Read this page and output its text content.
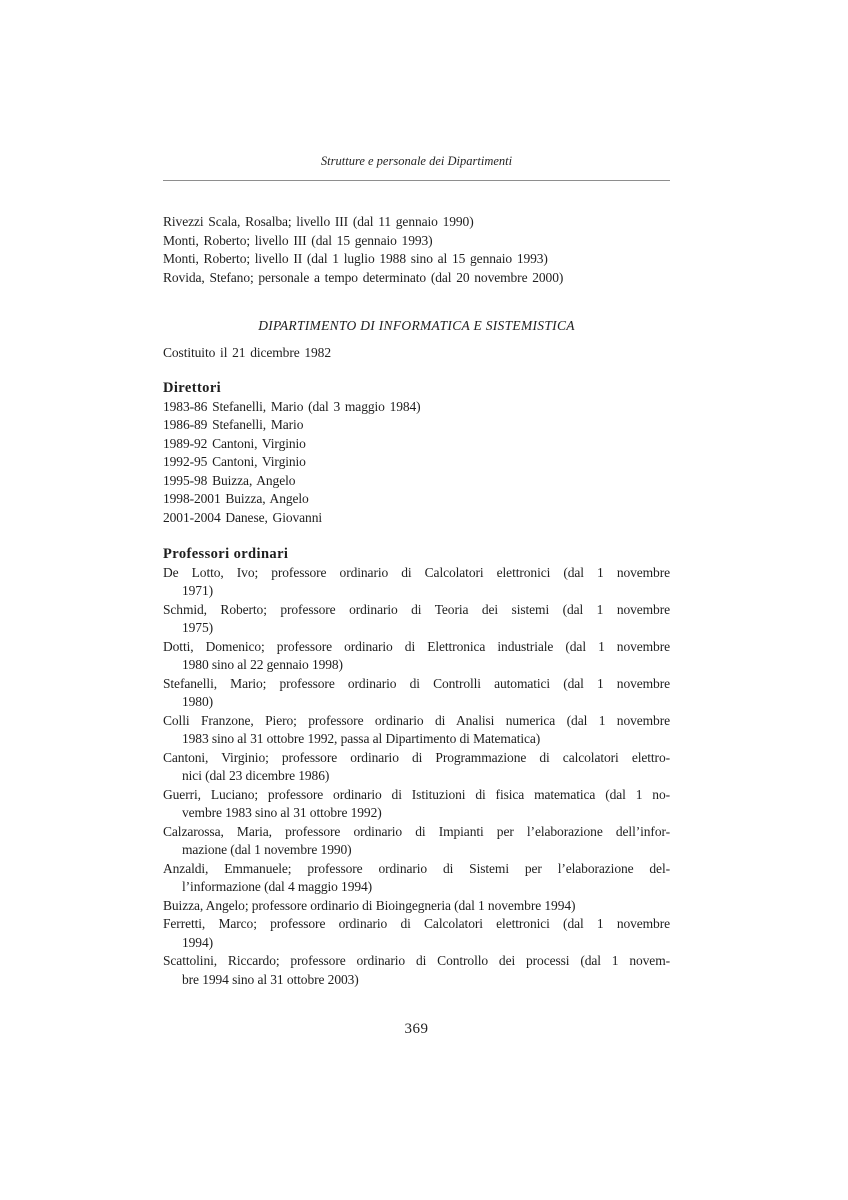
Strutture e personale dei Dipartimenti
Rivezzi Scala, Rosalba; livello III (dal 11 gennaio 1990)
Monti, Roberto; livello III (dal 15 gennaio 1993)
Monti, Roberto; livello II (dal 1 luglio 1988 sino al 15 gennaio 1993)
Rovida, Stefano; personale a tempo determinato (dal 20 novembre 2000)
DIPARTIMENTO DI INFORMATICA E SISTEMISTICA
Costituito il 21 dicembre 1982
Direttori
1983-86 Stefanelli, Mario (dal 3 maggio 1984)
1986-89 Stefanelli, Mario
1989-92 Cantoni, Virginio
1992-95 Cantoni, Virginio
1995-98 Buizza, Angelo
1998-2001 Buizza, Angelo
2001-2004 Danese, Giovanni
Professori ordinari
De Lotto, Ivo; professore ordinario di Calcolatori elettronici (dal 1 novembre
1971)
Schmid, Roberto; professore ordinario di Teoria dei sistemi (dal 1 novembre
1975)
Dotti, Domenico; professore ordinario di Elettronica industriale (dal 1 novembre
1980 sino al 22 gennaio 1998)
Stefanelli, Mario; professore ordinario di Controlli automatici (dal 1 novembre
1980)
Colli Franzone, Piero; professore ordinario di Analisi numerica (dal 1 novembre
1983 sino al 31 ottobre 1992, passa al Dipartimento di Matematica)
Cantoni, Virginio; professore ordinario di Programmazione di calcolatori elettro-
nici (dal 23 dicembre 1986)
Guerri, Luciano; professore ordinario di Istituzioni di fisica matematica (dal 1 no-
vembre 1983 sino al 31 ottobre 1992)
Calzarossa, Maria, professore ordinario di Impianti per l’elaborazione dell’infor-
mazione (dal 1 novembre 1990)
Anzaldi, Emmanuele; professore ordinario di Sistemi per l’elaborazione del-
l’informazione (dal 4 maggio 1994)
Buizza, Angelo; professore ordinario di Bioingegneria (dal 1 novembre 1994)
Ferretti, Marco; professore ordinario di Calcolatori elettronici (dal 1 novembre
1994)
Scattolini, Riccardo; professore ordinario di Controllo dei processi (dal 1 novem-
bre 1994 sino al 31 ottobre 2003)
369
